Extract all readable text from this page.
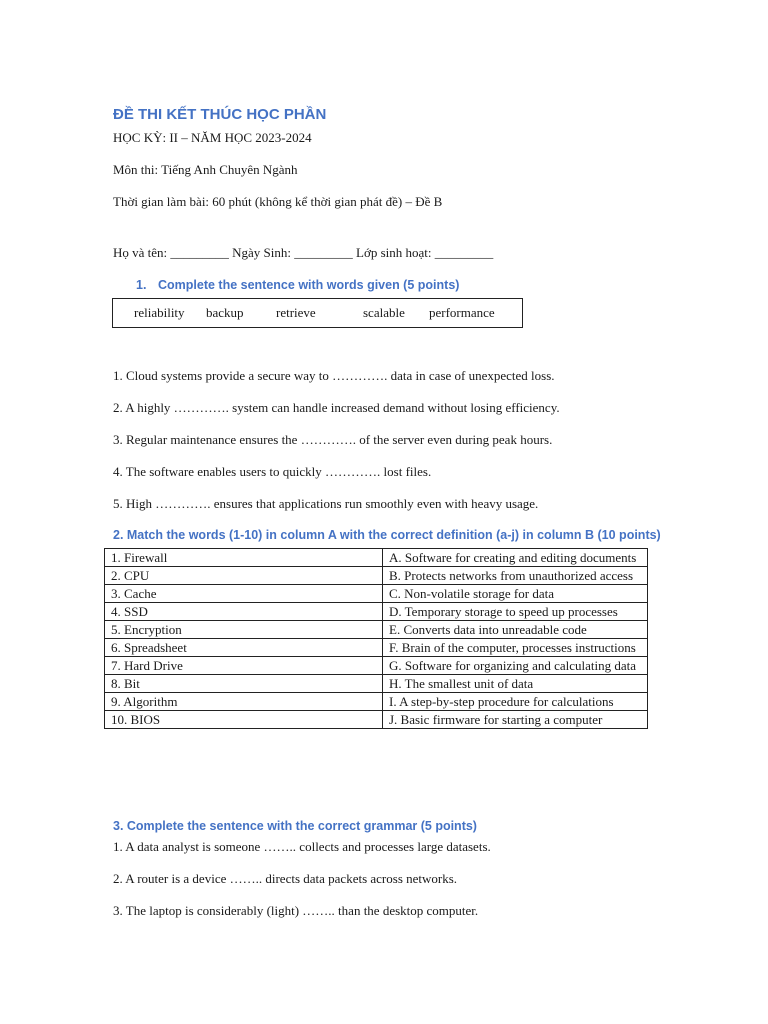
ĐỀ THI KẾT THÚC HỌC PHẦN
HỌC KỲ: II – NĂM HỌC 2023-2024
Môn thi: Tiếng Anh Chuyên Ngành
Thời gian làm bài: 60 phút (không kể thời gian phát đề) – Đề B
Họ và tên: _________ Ngày Sinh: _________ Lớp sinh hoạt: _________
1. Complete the sentence with words given (5 points)
reliability backup retrieve	scalable performance
1. Cloud systems provide a secure way to …………. data in case of unexpected loss.
2. A highly …………. system can handle increased demand without losing efficiency.
3. Regular maintenance ensures the …………. of the server even during peak hours.
4. The software enables users to quickly …………. lost files.
5. High …………. ensures that applications run smoothly even with heavy usage.
2. Match the words (1-10) in column A with the correct definition (a-j) in column B (10 points)
1. Firewall	A. Software for creating and editing documents
2. CPU	B. Protects networks from unauthorized access
3. Cache	C. Non-volatile storage for data
4. SSD	D. Temporary storage to speed up processes
5. Encryption	E. Converts data into unreadable code
6. Spreadsheet	F. Brain of the computer, processes instructions
7. Hard Drive	G. Software for organizing and calculating data
8. Bit	H. The smallest unit of data
9. Algorithm	I. A step-by-step procedure for calculations
10. BIOS	J. Basic firmware for starting a computer
3. Complete the sentence with the correct grammar (5 points)
1. A data analyst is someone …….. collects and processes large datasets.
2. A router is a device …….. directs data packets across networks.
3. The laptop is considerably (light) …….. than the desktop computer.
